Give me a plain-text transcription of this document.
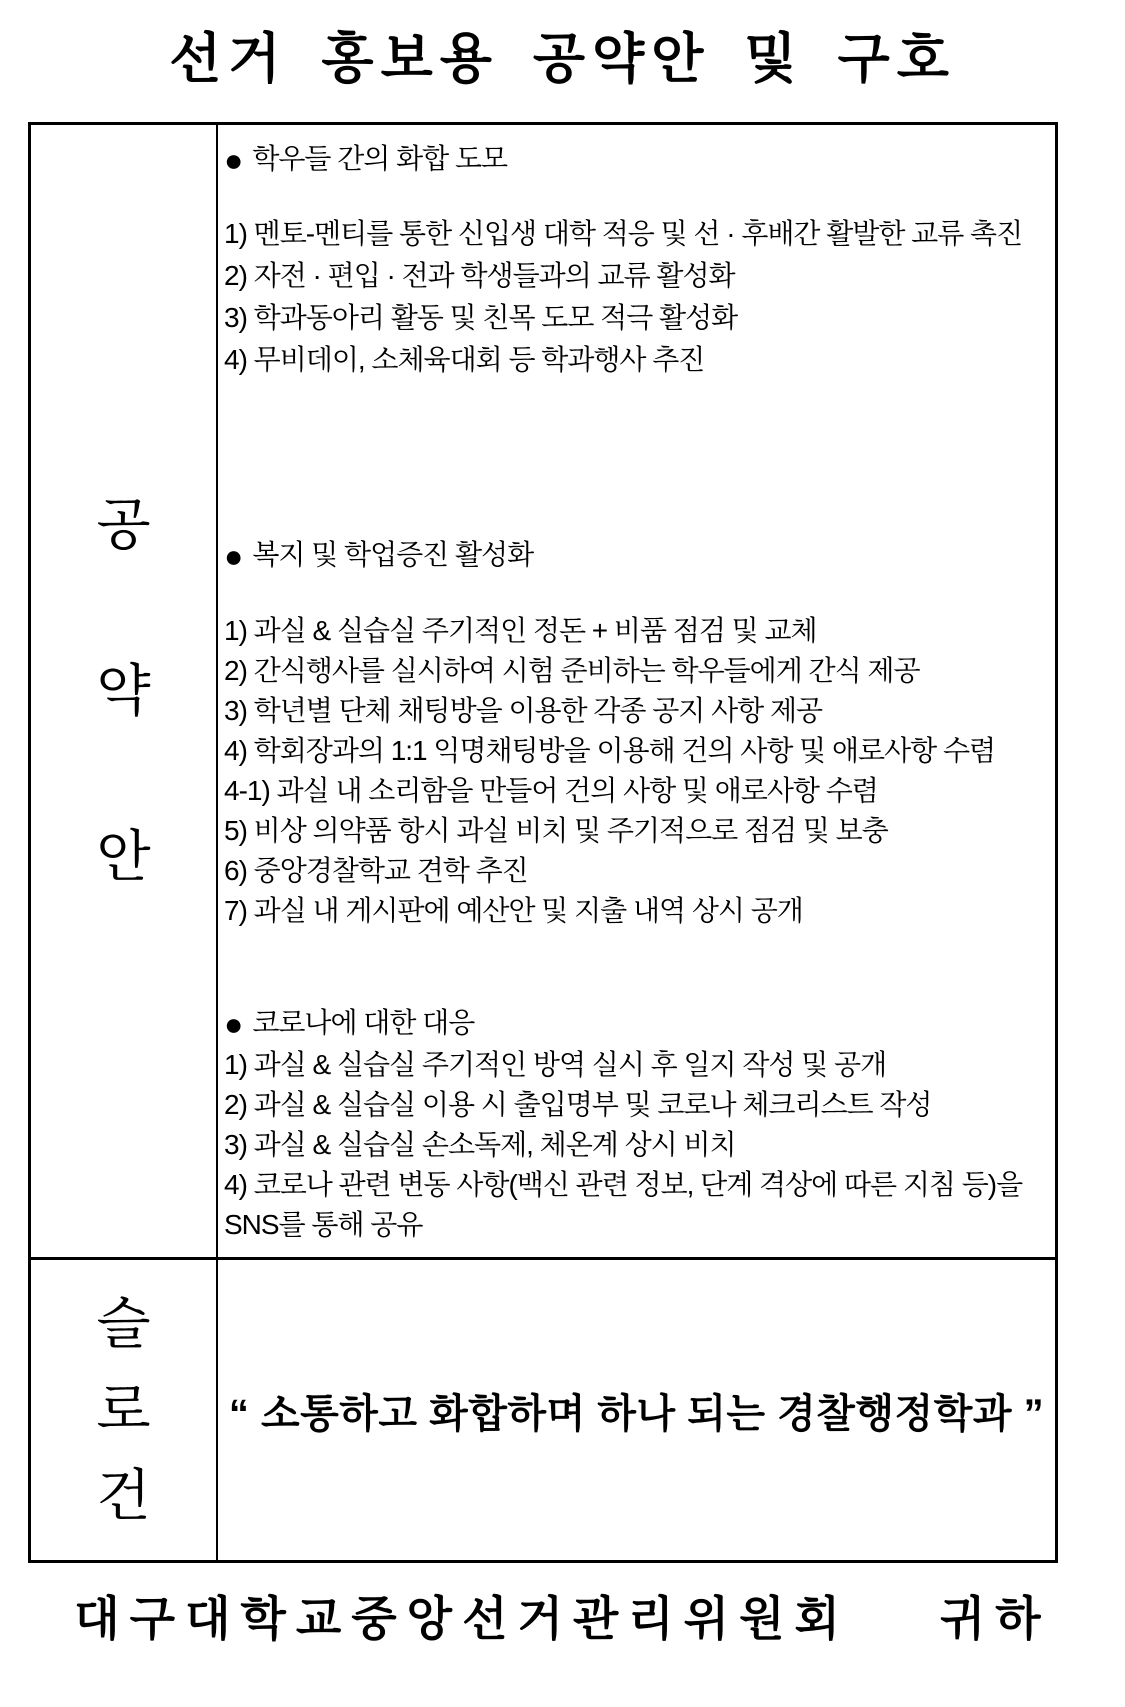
선거 홍보용 공약안 및 구호
공
약
안
● 학우들 간의 화합 도모
1) 멘토-멘티를 통한 신입생 대학 적응 및 선 · 후배간 활발한 교류 촉진
2) 자전 · 편입 · 전과 학생들과의 교류 활성화
3) 학과동아리 활동 및 친목 도모 적극 활성화
4) 무비데이, 소체육대회 등 학과행사 추진
● 복지 및 학업증진 활성화
1) 과실 & 실습실 주기적인 정돈 + 비품 점검 및 교체
2) 간식행사를 실시하여 시험 준비하는 학우들에게 간식 제공
3) 학년별 단체 채팅방을 이용한 각종 공지 사항 제공
4) 학회장과의 1:1 익명채팅방을 이용해 건의 사항 및 애로사항 수렴
4-1) 과실 내 소리함을 만들어 건의 사항 및 애로사항 수렴
5) 비상 의약품 항시 과실 비치 및 주기적으로 점검 및 보충
6) 중앙경찰학교 견학 추진
7) 과실 내 게시판에 예산안 및 지출 내역 상시 공개
● 코로나에 대한 대응
1) 과실 & 실습실 주기적인 방역 실시 후 일지 작성 및 공개
2) 과실 & 실습실 이용 시 출입명부 및 코로나 체크리스트 작성
3) 과실 & 실습실 손소독제, 체온계 상시 비치
4) 코로나 관련 변동 사항(백신 관련 정보, 단계 격상에 따른 지침 등)을 SNS를 통해 공유
슬
로
건
“ 소통하고 화합하며 하나 되는 경찰행정학과 ”
대구대학교중앙선거관리위원회 귀하
